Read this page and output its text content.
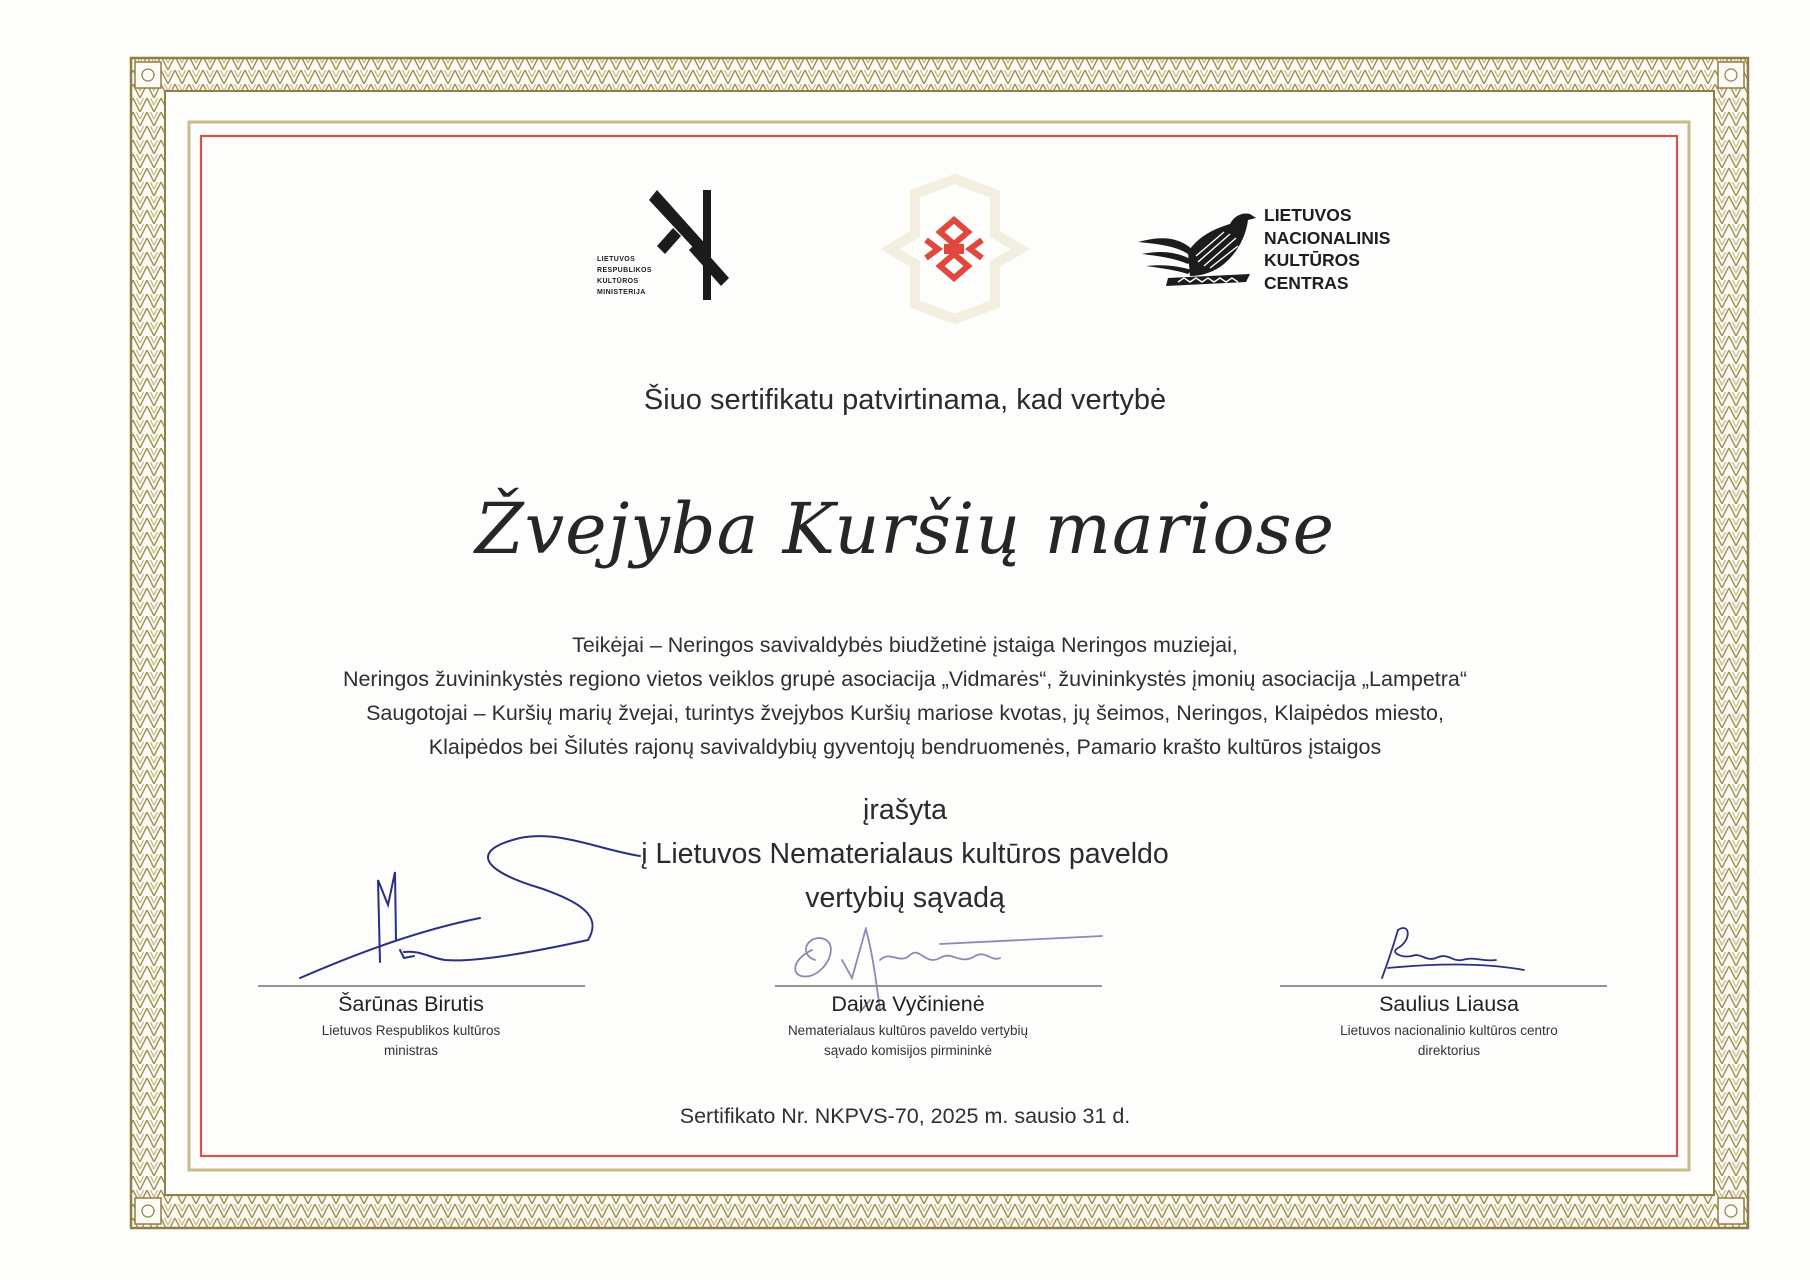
LIETUVOS
RESPUBLIKOS
KULTŪROS
MINISTERIJA
LIETUVOS
NACIONALINIS
KULTŪROS
CENTRAS
Šiuo sertifikatu patvirtinama, kad vertybė
Žvejyba Kuršių mariose
Teikėjai – Neringos savivaldybės biudžetinė įstaiga Neringos muziejai,
Neringos žuvininkystės regiono vietos veiklos grupė asociacija „Vidmarės“, žuvininkystės įmonių asociacija „Lampetra“
Saugotojai – Kuršių marių žvejai, turintys žvejybos Kuršių mariose kvotas, jų šeimos, Neringos, Klaipėdos miesto,
Klaipėdos bei Šilutės rajonų savivaldybių gyventojų bendruomenės, Pamario krašto kultūros įstaigos
įrašyta
į Lietuvos Nematerialaus kultūros paveldo
vertybių sąvadą
Šarūnas Birutis
Lietuvos Respublikos kultūros
ministras
Daiva Vyčinienė
Nematerialaus kultūros paveldo vertybių
sąvado komisijos pirmininkė
Saulius Liausa
Lietuvos nacionalinio kultūros centro
direktorius
Sertifikato Nr. NKPVS-70, 2025 m. sausio 31 d.
